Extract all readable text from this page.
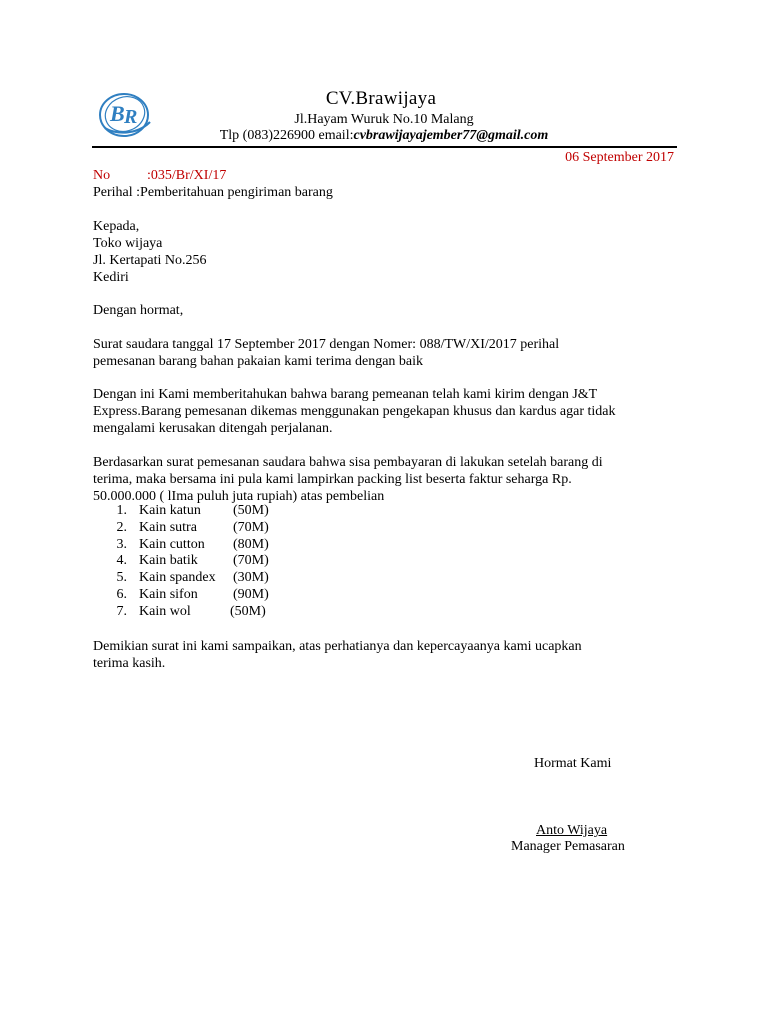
B R
CV.Brawijaya
Jl.Hayam Wuruk No.10 Malang
Tlp (083)226900 email:cvbrawijayajember77@gmail.com
06 September 2017
No	:035/Br/XI/17
Perihal :Pemberitahuan pengiriman barang
Kepada,
Toko wijaya
Jl. Kertapati No.256
Kediri
Dengan hormat,
Surat saudara tanggal 17 September 2017 dengan Nomer: 088/TW/XI/2017 perihal
pemesanan barang bahan pakaian kami terima dengan baik
Dengan ini Kami memberitahukan bahwa barang pemeanan telah kami kirim dengan J&T
Express.Barang pemesanan dikemas menggunakan pengekapan khusus dan kardus agar tidak
mengalami kerusakan ditengah perjalanan.
Berdasarkan surat pemesanan saudara bahwa sisa pembayaran di lakukan setelah barang di
terima, maka bersama ini pula kami lampirkan packing list beserta faktur seharga Rp.
50.000.000 ( lIma puluh juta rupiah) atas pembelian
1. Kain katun (50M)
2. Kain sutra	(70M)
3. Kain cutton (80M)
4. Kain batik	(70M)
5. Kain spandex (30M)
6. Kain sifon	(90M)
7. Kain wol	(50M)
Demikian surat ini kami sampaikan, atas perhatianya dan kepercayaanya kami ucapkan
terima kasih.
Hormat Kami
Anto Wijaya
Manager Pemasaran
